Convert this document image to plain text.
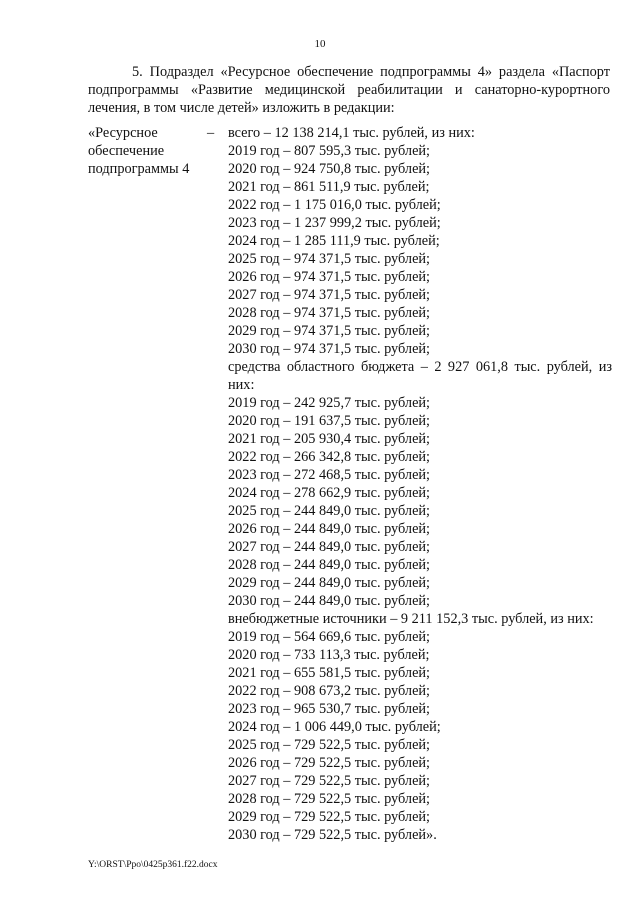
10
5. Подраздел «Ресурсное обеспечение подпрограммы 4» раздела «Паспорт подпрограммы «Развитие медицинской реабилитации и санаторно-курортного лечения, в том числе детей» изложить в редакции:
«Ресурсное
обеспечение
подпрограммы 4
– всего – 12 138 214,1 тыс. рублей, из них:
2019 год – 807 595,3 тыс. рублей;
2020 год – 924 750,8 тыс. рублей;
2021 год – 861 511,9 тыс. рублей;
2022 год – 1 175 016,0 тыс. рублей;
2023 год – 1 237 999,2 тыс. рублей;
2024 год – 1 285 111,9 тыс. рублей;
2025 год – 974 371,5 тыс. рублей;
2026 год – 974 371,5 тыс. рублей;
2027 год – 974 371,5 тыс. рублей;
2028 год – 974 371,5 тыс. рублей;
2029 год – 974 371,5 тыс. рублей;
2030 год – 974 371,5 тыс. рублей;
средства областного бюджета – 2 927 061,8 тыс. рублей, из них:
2019 год – 242 925,7 тыс. рублей;
2020 год – 191 637,5 тыс. рублей;
2021 год – 205 930,4 тыс. рублей;
2022 год – 266 342,8 тыс. рублей;
2023 год – 272 468,5 тыс. рублей;
2024 год – 278 662,9 тыс. рублей;
2025 год – 244 849,0 тыс. рублей;
2026 год – 244 849,0 тыс. рублей;
2027 год – 244 849,0 тыс. рублей;
2028 год – 244 849,0 тыс. рублей;
2029 год – 244 849,0 тыс. рублей;
2030 год – 244 849,0 тыс. рублей;
внебюджетные источники – 9 211 152,3 тыс. рублей, из них:
2019 год – 564 669,6 тыс. рублей;
2020 год – 733 113,3 тыс. рублей;
2021 год – 655 581,5 тыс. рублей;
2022 год – 908 673,2 тыс. рублей;
2023 год – 965 530,7 тыс. рублей;
2024 год – 1 006 449,0 тыс. рублей;
2025 год – 729 522,5 тыс. рублей;
2026 год – 729 522,5 тыс. рублей;
2027 год – 729 522,5 тыс. рублей;
2028 год – 729 522,5 тыс. рублей;
2029 год – 729 522,5 тыс. рублей;
2030 год – 729 522,5 тыс. рублей».
Y:\ORST\Ppo\0425p361.f22.docx
